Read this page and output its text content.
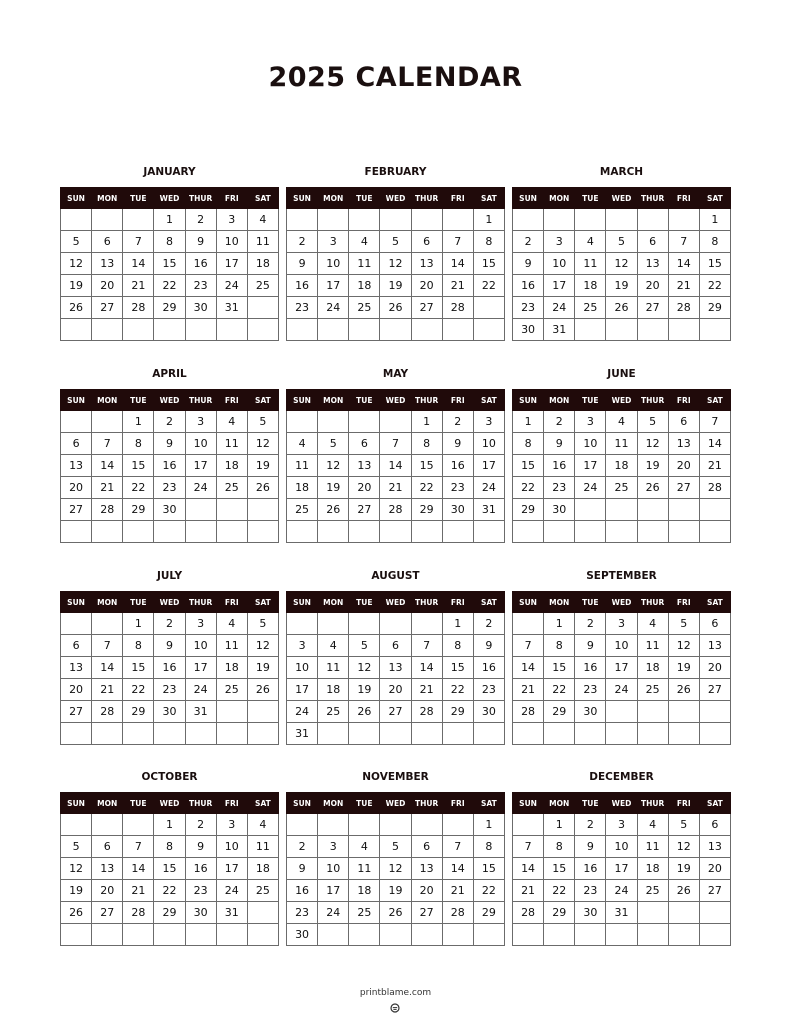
2025 CALENDAR
JANUARY
SUN	MON	TUE	WED	THUR	FRI	SAT
			1	2	3	4
5	6	7	8	9	10	11
12	13	14	15	16	17	18
19	20	21	22	23	24	25
26	27	28	29	30	31	

FEBRUARY
SUN	MON	TUE	WED	THUR	FRI	SAT
						1
2	3	4	5	6	7	8
9	10	11	12	13	14	15
16	17	18	19	20	21	22
23	24	25	26	27	28	

MARCH
SUN	MON	TUE	WED	THUR	FRI	SAT
						1
2	3	4	5	6	7	8
9	10	11	12	13	14	15
16	17	18	19	20	21	22
23	24	25	26	27	28	29
30	31					
APRIL
SUN	MON	TUE	WED	THUR	FRI	SAT
		1	2	3	4	5
6	7	8	9	10	11	12
13	14	15	16	17	18	19
20	21	22	23	24	25	26
27	28	29	30			

MAY
SUN	MON	TUE	WED	THUR	FRI	SAT
				1	2	3
4	5	6	7	8	9	10
11	12	13	14	15	16	17
18	19	20	21	22	23	24
25	26	27	28	29	30	31

JUNE
SUN	MON	TUE	WED	THUR	FRI	SAT
1	2	3	4	5	6	7
8	9	10	11	12	13	14
15	16	17	18	19	20	21
22	23	24	25	26	27	28
29	30					

JULY
SUN	MON	TUE	WED	THUR	FRI	SAT
		1	2	3	4	5
6	7	8	9	10	11	12
13	14	15	16	17	18	19
20	21	22	23	24	25	26
27	28	29	30	31		

AUGUST
SUN	MON	TUE	WED	THUR	FRI	SAT
					1	2
3	4	5	6	7	8	9
10	11	12	13	14	15	16
17	18	19	20	21	22	23
24	25	26	27	28	29	30
31						
SEPTEMBER
SUN	MON	TUE	WED	THUR	FRI	SAT
	1	2	3	4	5	6
7	8	9	10	11	12	13
14	15	16	17	18	19	20
21	22	23	24	25	26	27
28	29	30				

OCTOBER
SUN	MON	TUE	WED	THUR	FRI	SAT
			1	2	3	4
5	6	7	8	9	10	11
12	13	14	15	16	17	18
19	20	21	22	23	24	25
26	27	28	29	30	31	

NOVEMBER
SUN	MON	TUE	WED	THUR	FRI	SAT
						1
2	3	4	5	6	7	8
9	10	11	12	13	14	15
16	17	18	19	20	21	22
23	24	25	26	27	28	29
30						
DECEMBER
SUN	MON	TUE	WED	THUR	FRI	SAT
	1	2	3	4	5	6
7	8	9	10	11	12	13
14	15	16	17	18	19	20
21	22	23	24	25	26	27
28	29	30	31			

printblame.com
